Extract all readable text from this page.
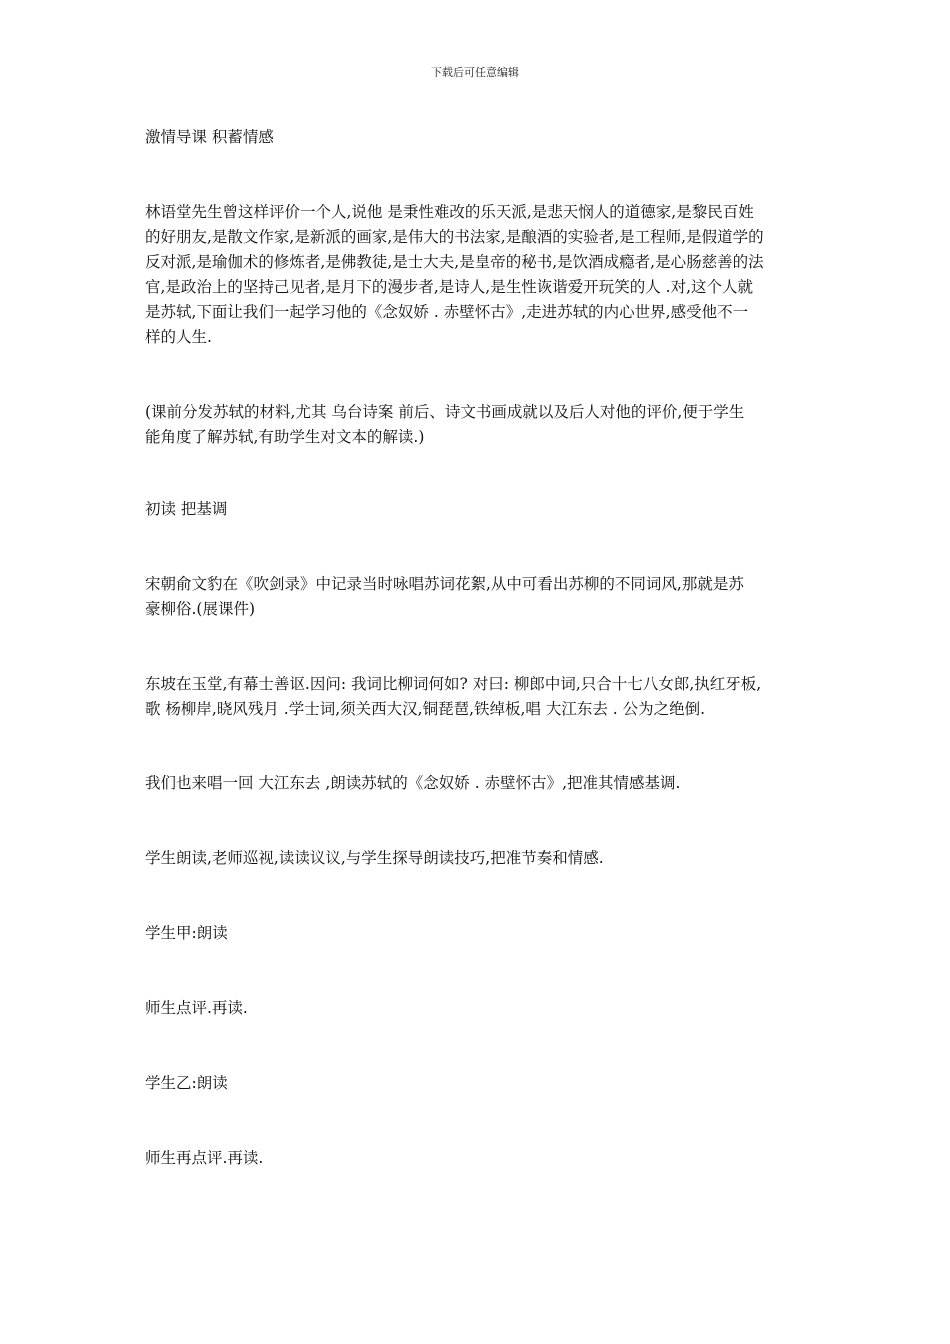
下载后可任意编辑
激情导课 积蓄情感
林语堂先生曾这样评价一个人,说他 是秉性难改的乐天派,是悲天悯人的道德家,是黎民百姓
的好朋友,是散文作家,是新派的画家,是伟大的书法家,是酿酒的实验者,是工程师,是假道学的
反对派,是瑜伽术的修炼者,是佛教徒,是士大夫,是皇帝的秘书,是饮酒成瘾者,是心肠慈善的法
官,是政治上的坚持己见者,是月下的漫步者,是诗人,是生性诙谐爱开玩笑的人 .对,这个人就
是苏轼,下面让我们一起学习他的《念奴娇 . 赤壁怀古》,走进苏轼的内心世界,感受他不一
样的人生.
(课前分发苏轼的材料,尤其 乌台诗案 前后、诗文书画成就以及后人对他的评价,便于学生
能角度了解苏轼,有助学生对文本的解读.)
初读 把基调
宋朝俞文豹在《吹剑录》中记录当时咏唱苏词花絮,从中可看出苏柳的不同词风,那就是苏
豪柳俗.(展课件)
东坡在玉堂,有幕士善讴.因问: 我词比柳词何如? 对曰: 柳郎中词,只合十七八女郎,执红牙板,
歌 杨柳岸,晓风残月 .学士词,须关西大汉,铜琵琶,铁绰板,唱 大江东去 . 公为之绝倒.
我们也来唱一回 大江东去 ,朗读苏轼的《念奴娇 . 赤壁怀古》,把准其情感基调.
学生朗读,老师巡视,读读议议,与学生探导朗读技巧,把准节奏和情感.
学生甲:朗读
师生点评.再读.
学生乙:朗读
师生再点评.再读.
